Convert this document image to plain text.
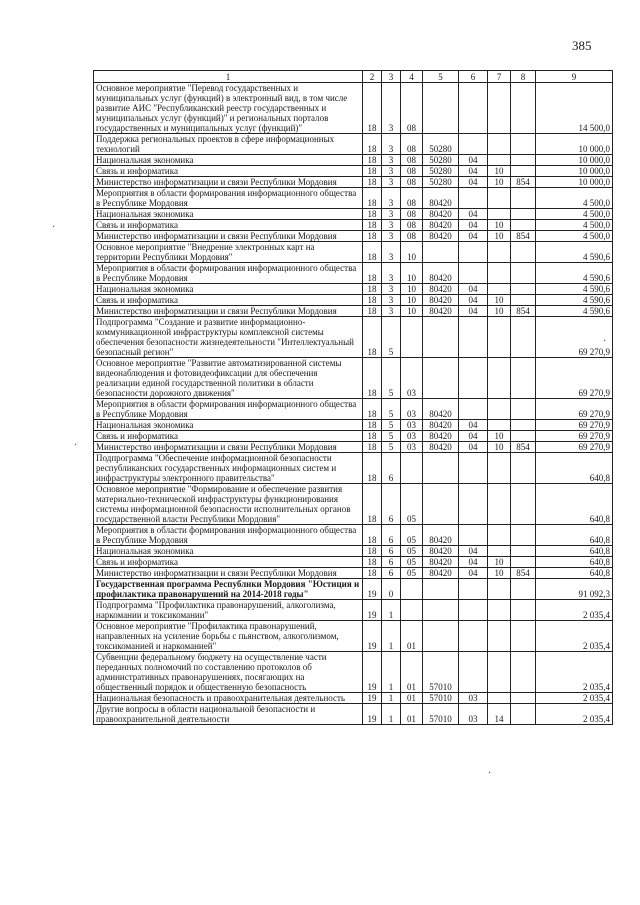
385
·
·
·
·
1	2	3	4	5	6	7	8	9
Основное мероприятие "Перевод государственных и муниципальных услуг (функций) в электронный вид, в том числе развитие АИС "Республиканский реестр государственных и муниципальных услуг (функций)" и региональных порталов государственных и муниципальных услуг (функций)"	18	3	08					14 500,0
Поддержка региональных проектов в сфере информационных технологий	18	3	08	50280				10 000,0
Национальная экономика	18	3	08	50280	04			10 000,0
Связь и информатика	18	3	08	50280	04	10		10 000,0
Министерство информатизации и связи Республики Мордовия	18	3	08	50280	04	10	854	10 000,0
Мероприятия в области формирования информационного общества в Республике Мордовия	18	3	08	80420				4 500,0
Национальная экономика	18	3	08	80420	04			4 500,0
Связь и информатика	18	3	08	80420	04	10		4 500,0
Министерство информатизации и связи Республики Мордовия	18	3	08	80420	04	10	854	4 500,0
Основное мероприятие "Внедрение электронных карт на территории Республики Мордовия"	18	3	10					4 590,6
Мероприятия в области формирования информационного общества в Республике Мордовия	18	3	10	80420				4 590,6
Национальная экономика	18	3	10	80420	04			4 590,6
Связь и информатика	18	3	10	80420	04	10		4 590,6
Министерство информатизации и связи Республики Мордовия	18	3	10	80420	04	10	854	4 590,6
Подпрограмма "Создание и развитие информационно-коммуникационной инфраструктуры комплексной системы обеспечения безопасности жизнедеятельности "Интеллектуальный безопасный регион"	18	5						69 270,9
Основное мероприятие "Развитие автоматизированной системы видеонаблюдения и фотовидеофиксации для обеспечения реализации единой государственной политики в области безопасности дорожного движения"	18	5	03					69 270,9
Мероприятия в области формирования информационного общества в Республике Мордовия	18	5	03	80420				69 270,9
Национальная экономика	18	5	03	80420	04			69 270,9
Связь и информатика	18	5	03	80420	04	10		69 270,9
Министерство информатизации и связи Республики Мордовия	18	5	03	80420	04	10	854	69 270,9
Подпрограмма "Обеспечение информационной безопасности республиканских государственных информационных систем и инфраструктуры электронного правительства"	18	6						640,8
Основное мероприятие "Формирование и обеспечение развития материально-технической инфраструктуры функционирования системы информационной безопасности исполнительных органов государственной власти Республики Мордовия"	18	6	05					640,8
Мероприятия в области формирования информационного общества в Республике Мордовия	18	6	05	80420				640,8
Национальная экономика	18	6	05	80420	04			640,8
Связь и информатика	18	6	05	80420	04	10		640,8
Министерство информатизации и связи Республики Мордовия	18	6	05	80420	04	10	854	640,8
Государственная программа Республики Мордовия "Юстиция и профилактика правонарушений на 2014-2018 годы"	19	0						91 092,3
Подпрограмма "Профилактика правонарушений, алкоголизма, наркомании и токсикомании"	19	1						2 035,4
Основное мероприятие "Профилактика правонарушений, направленных на усиление борьбы с пьянством, алкоголизмом, токсикоманией и наркоманией"	19	1	01					2 035,4
Субвенции федеральному бюджету на осуществление части переданных полномочий по составлению протоколов об административных правонарушениях, посягающих на общественный порядок и общественную безопасность	19	1	01	57010				2 035,4
Национальная безопасность и правоохранительная деятельность	19	1	01	57010	03			2 035,4
Другие вопросы в области национальной безопасности и правоохранительной деятельности	19	1	01	57010	03	14		2 035,4
